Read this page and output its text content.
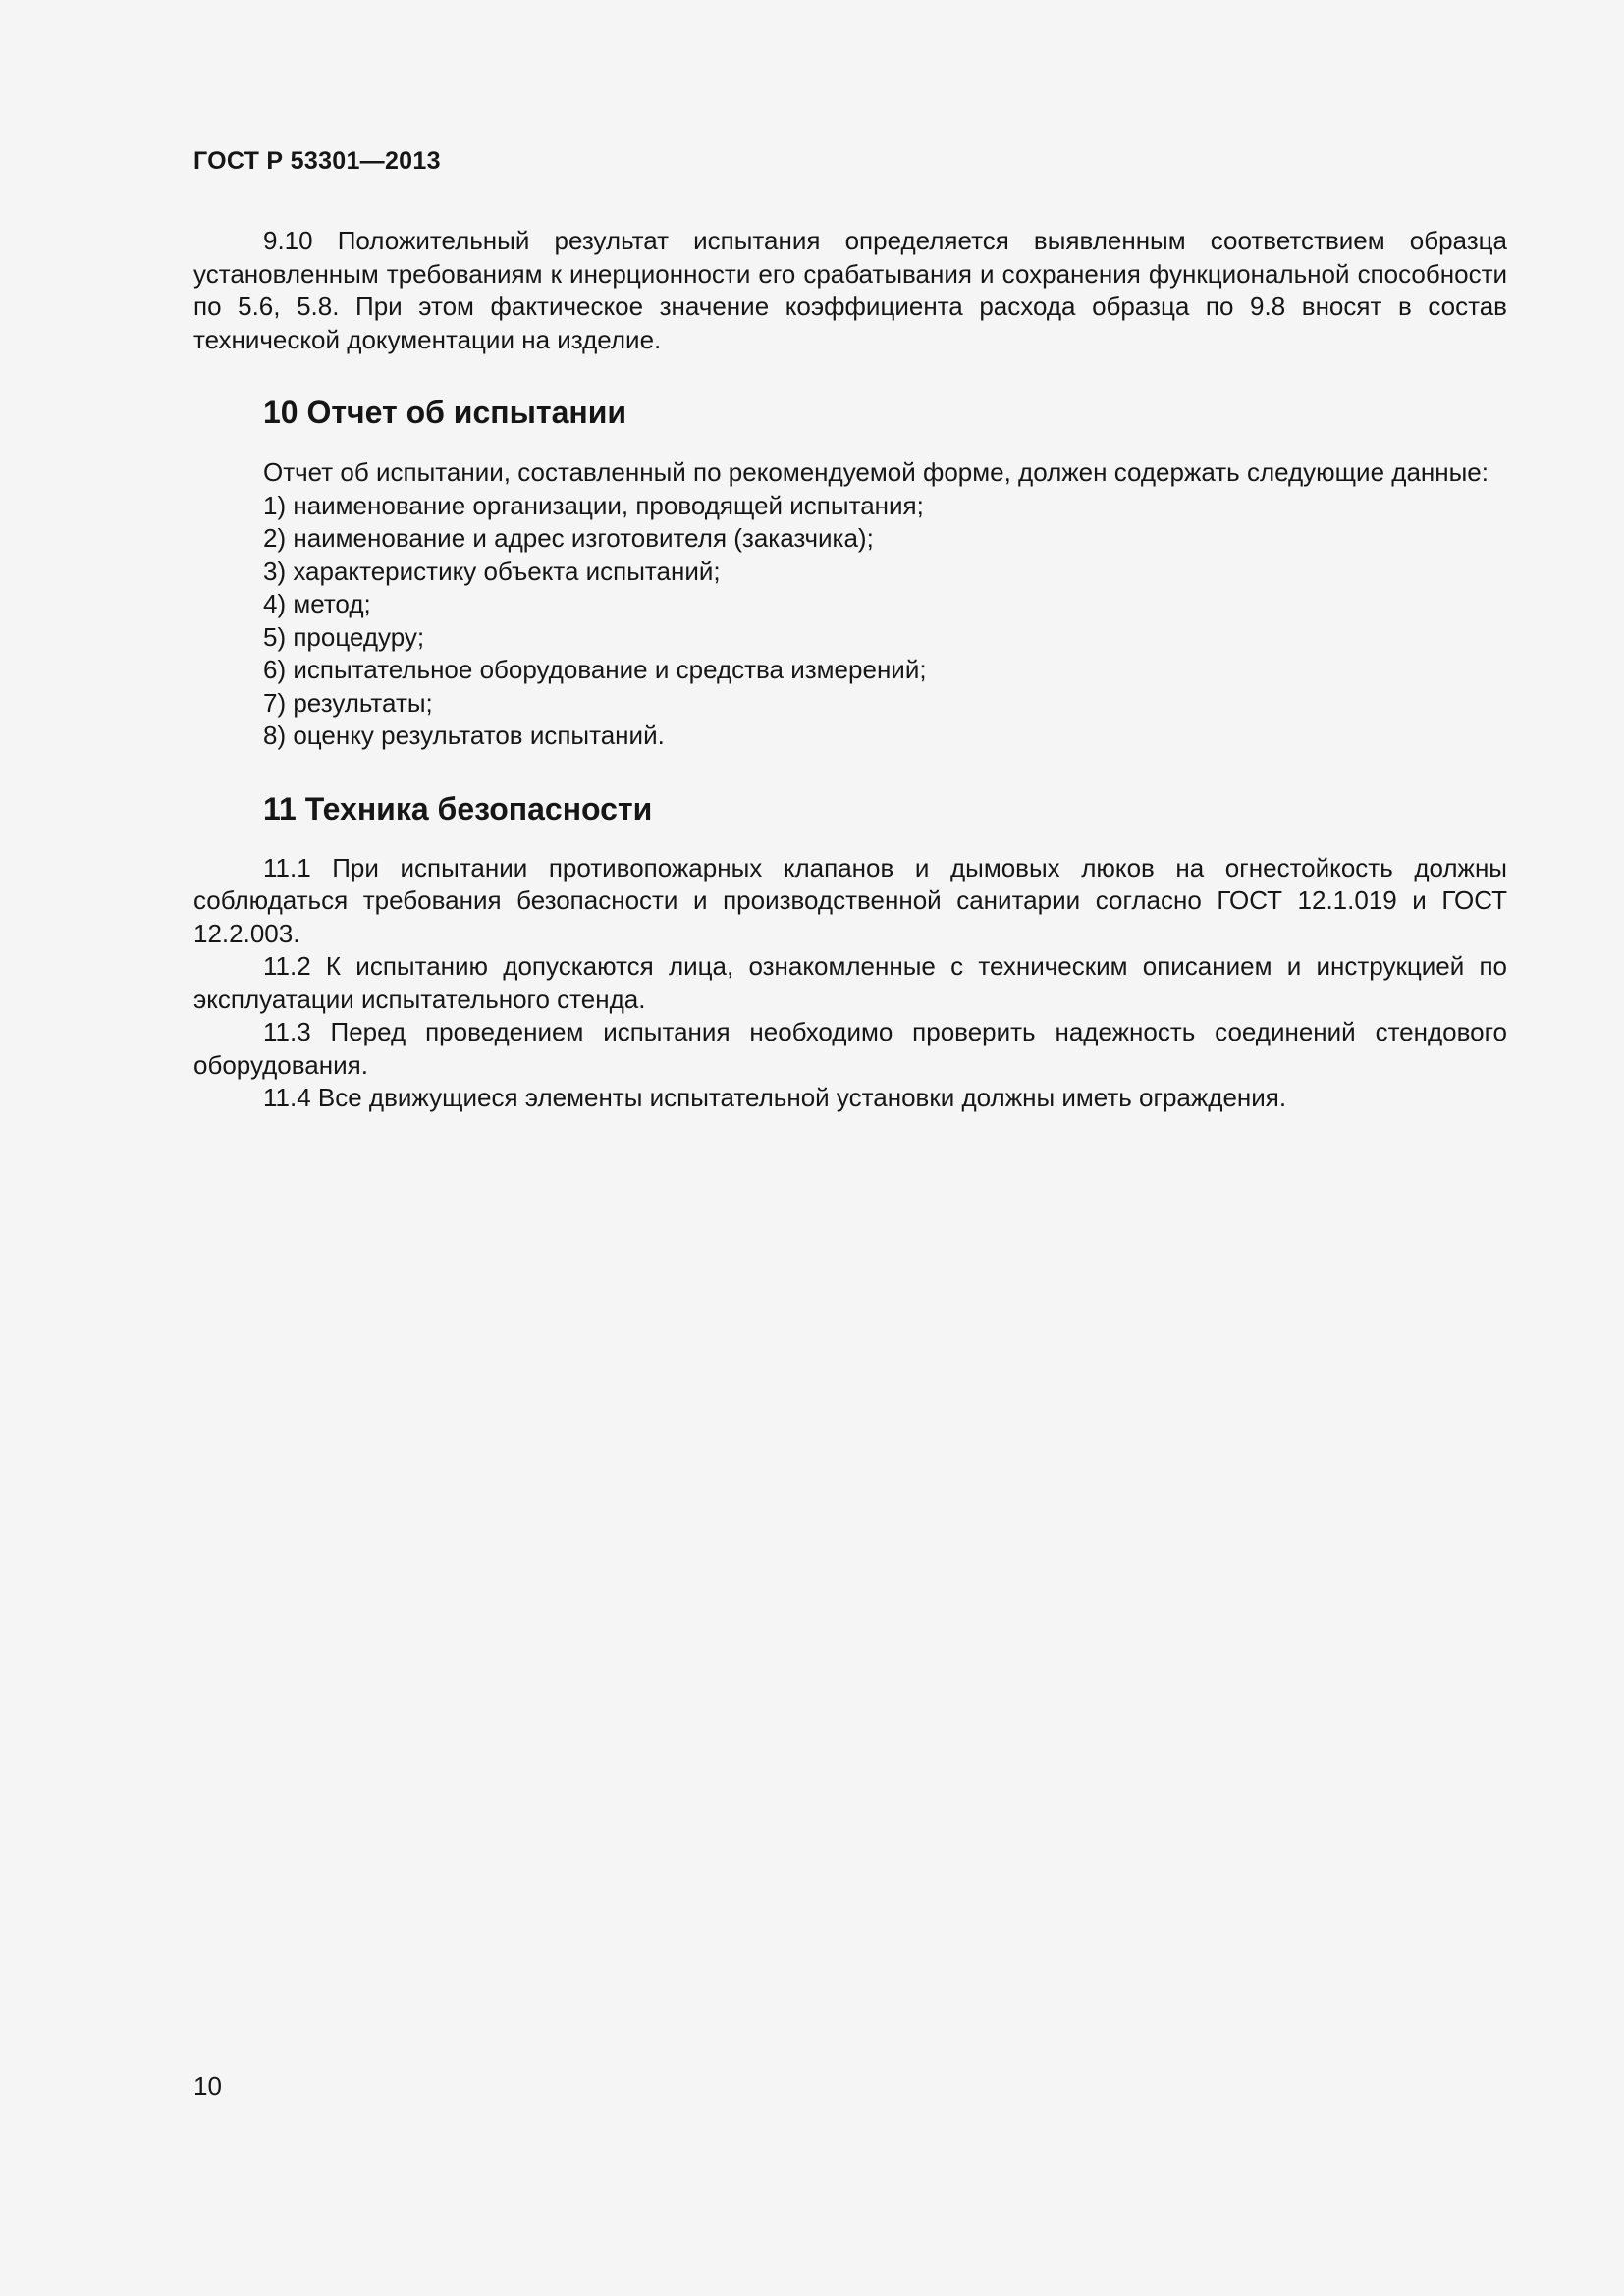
ГОСТ Р 53301—2013

9.10 Положительный результат испытания определяется выявленным соответствием образца установленным требованиям к инерционности его срабатывания и сохранения функциональной способности по 5.6, 5.8. При этом фактическое значение коэффициента расхода образца по 9.8 вносят в состав технической документации на изделие.

10 Отчет об испытании

Отчет об испытании, составленный по рекомендуемой форме, должен содержать следующие данные:

1) наименование организации, проводящей испытания;
2) наименование и адрес изготовителя (заказчика);
3) характеристику объекта испытаний;
4) метод;
5) процедуру;
6) испытательное оборудование и средства измерений;
7) результаты;
8) оценку результатов испытаний.
11 Техника безопасности

11.1 При испытании противопожарных клапанов и дымовых люков на огнестойкость должны соблюдаться требования безопасности и производственной санитарии согласно ГОСТ 12.1.019 и ГОСТ 12.2.003.

11.2 К испытанию допускаются лица, ознакомленные с техническим описанием и инструкцией по эксплуатации испытательного стенда.

11.3 Перед проведением испытания необходимо проверить надежность соединений стендового оборудования.

11.4 Все движущиеся элементы испытательной установки должны иметь ограждения.

10
